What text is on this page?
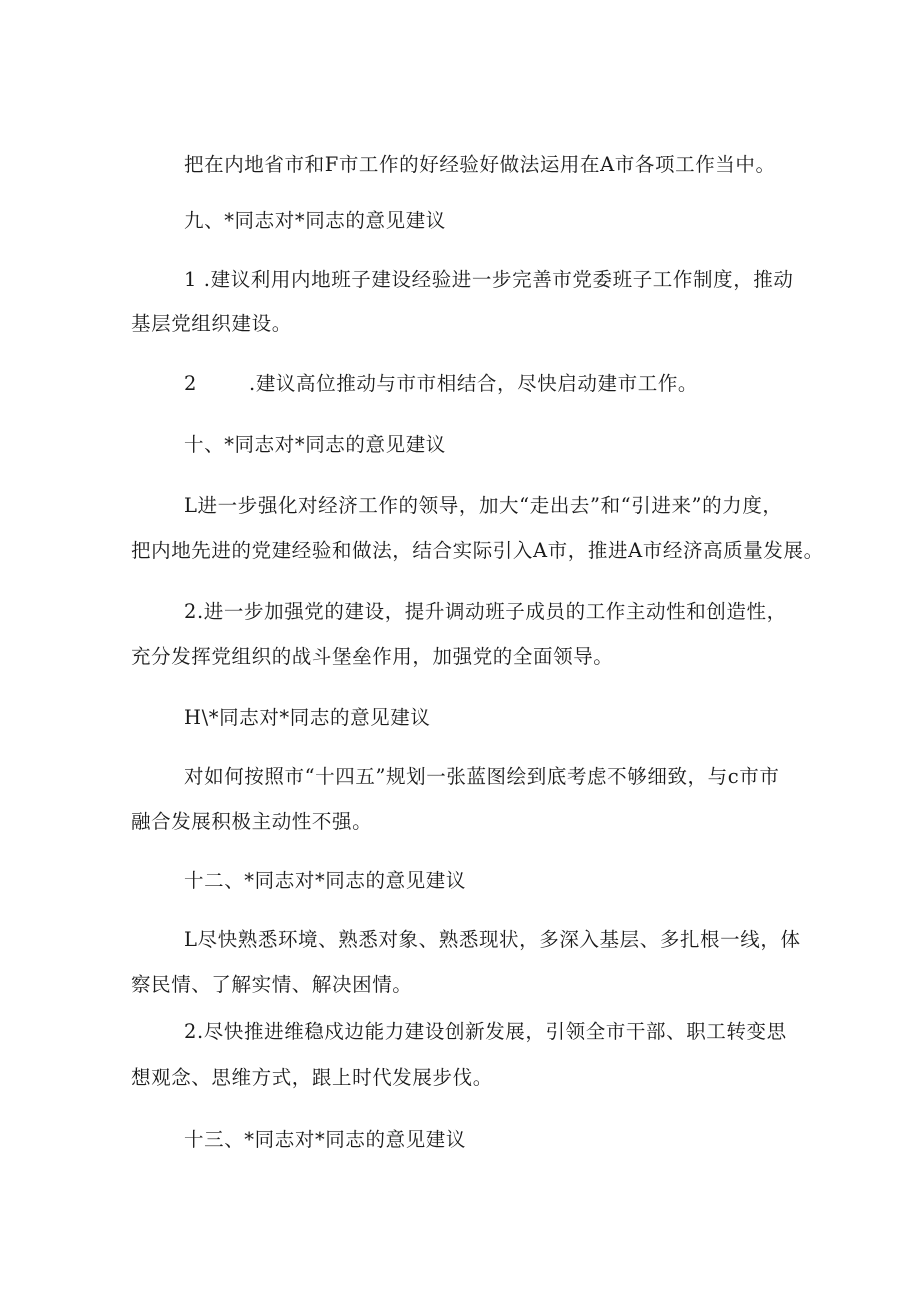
把在内地省市和F市工作的好经验好做法运用在A市各项工作当中。

九、*同志对*同志的意见建议

1 .建议利用内地班子建设经验进一步完善市党委班子工作制度，推动

基层党组织建设。

2	.建议高位推动与市市相结合，尽快启动建市工作。

十、*同志对*同志的意见建议

L进一步强化对经济工作的领导，加大“走出去”和“引进来”的力度，

把内地先进的党建经验和做法，结合实际引入A市，推进A市经济高质量发展。

2.进一步加强党的建设，提升调动班子成员的工作主动性和创造性，

充分发挥党组织的战斗堡垒作用，加强党的全面领导。

H\*同志对*同志的意见建议

对如何按照市“十四五”规划一张蓝图绘到底考虑不够细致，与c市市

融合发展积极主动性不强。

十二、*同志对*同志的意见建议

L尽快熟悉环境、熟悉对象、熟悉现状，多深入基层、多扎根一线，体

察民情、了解实情、解决困情。

2.尽快推进维稳戍边能力建设创新发展，引领全市干部、职工转变思

想观念、思维方式，跟上时代发展步伐。

十三、*同志对*同志的意见建议
